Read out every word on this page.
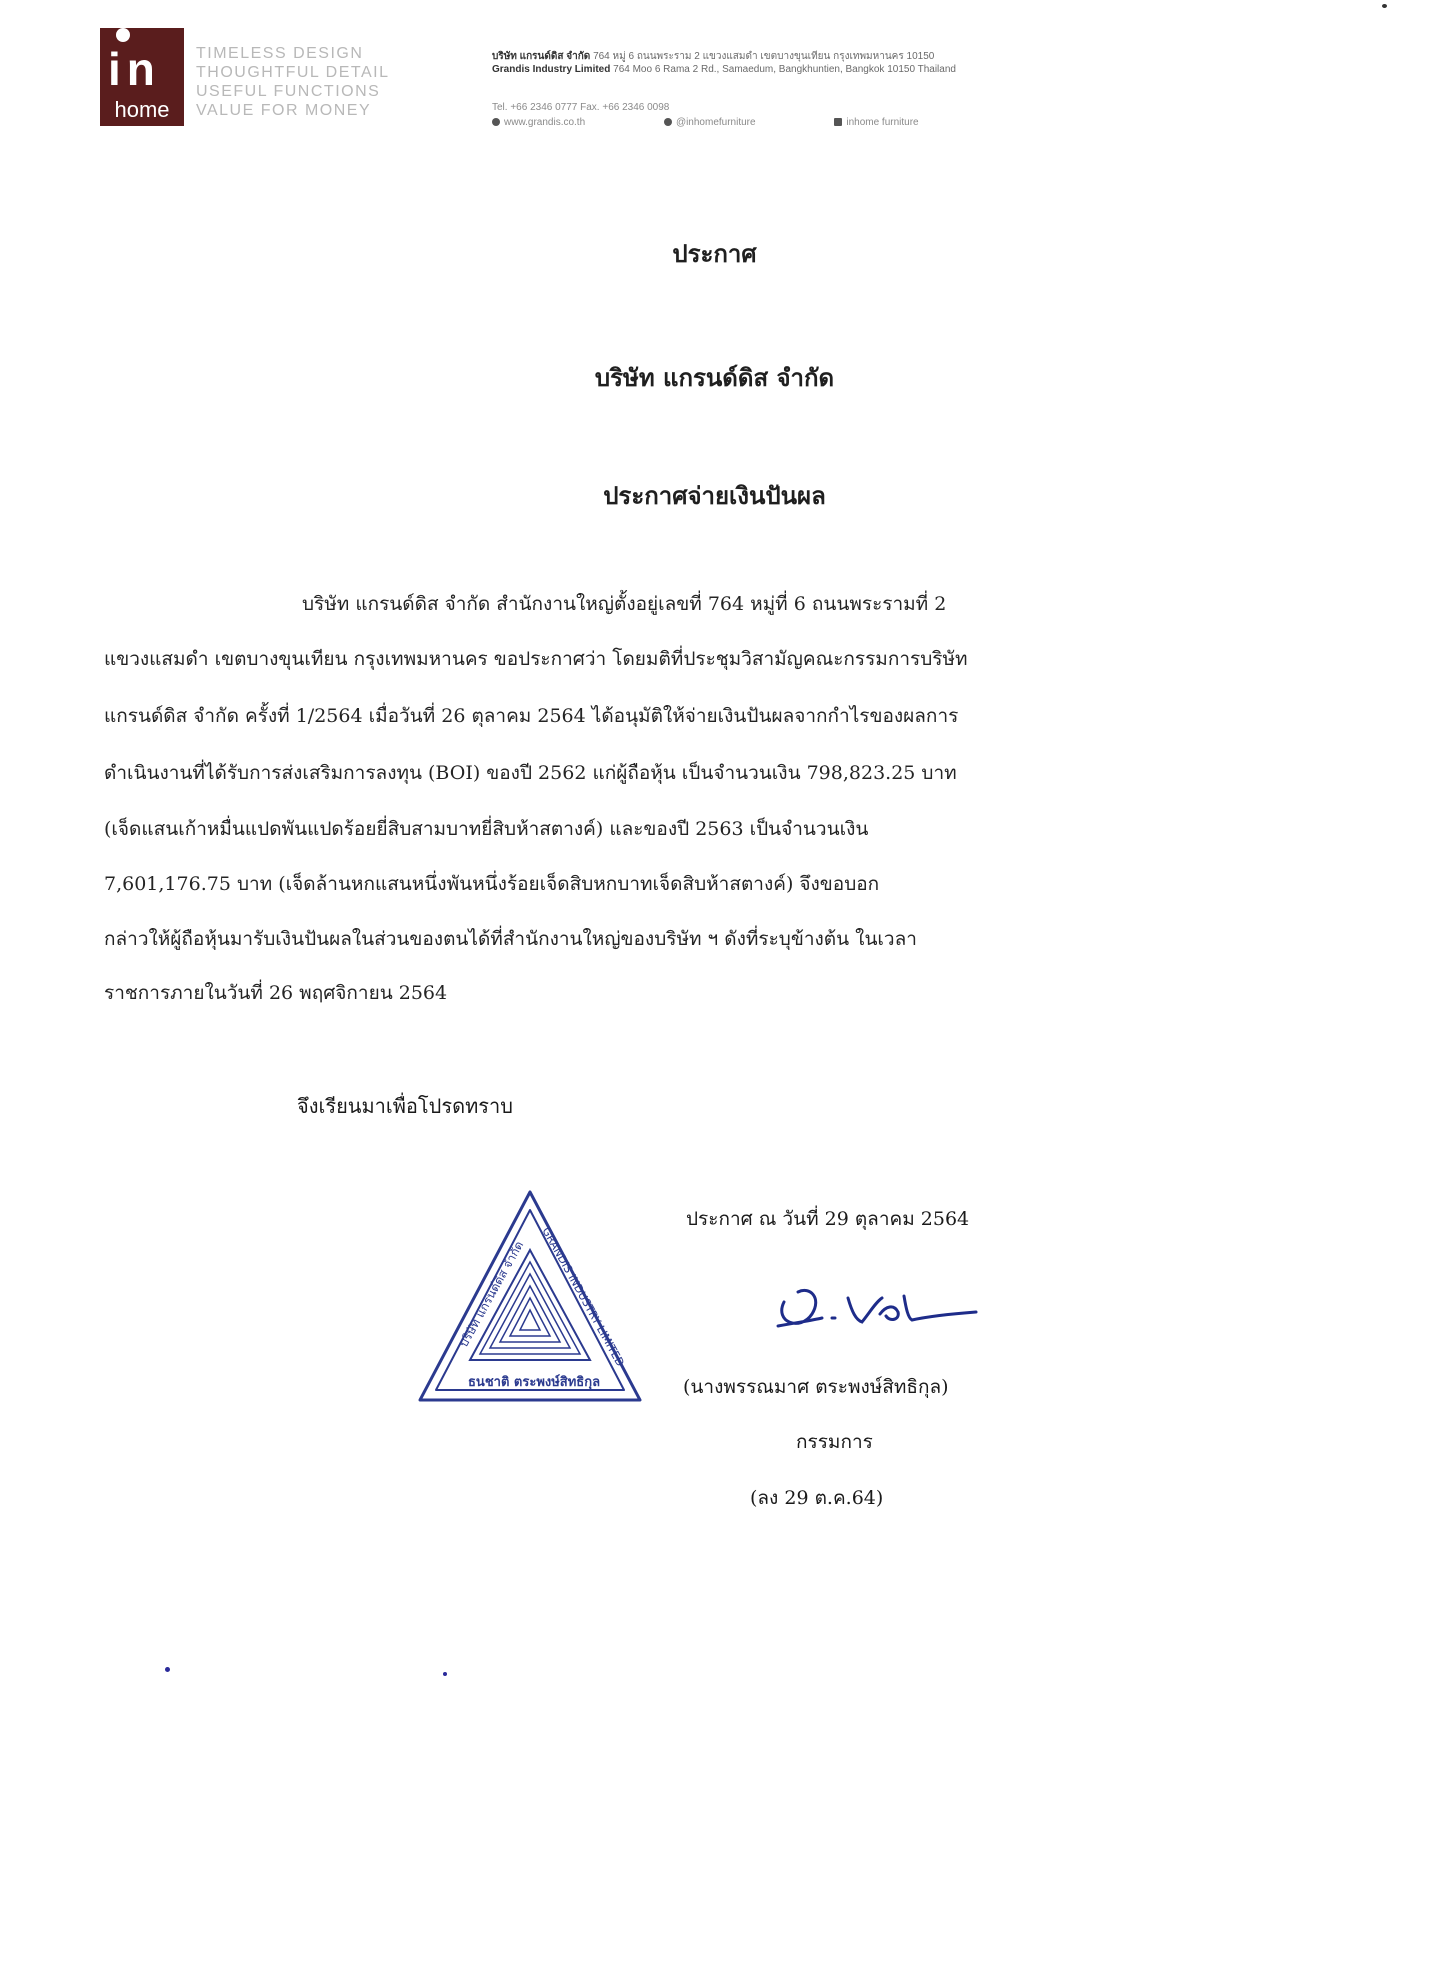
in
home
TIMELESS DESIGN
THOUGHTFUL DETAIL
USEFUL FUNCTIONS
VALUE FOR MONEY
บริษัท แกรนด์ดิส จำกัด 764 หมู่ 6 ถนนพระราม 2 แขวงแสมดำ เขตบางขุนเทียน กรุงเทพมหานคร 10150
Grandis Industry Limited 764 Moo 6 Rama 2 Rd., Samaedum, Bangkhuntien, Bangkok 10150 Thailand
Tel. +66 2346 0777 Fax. +66 2346 0098
www.grandis.co.th	@inhomefurniture	inhome furniture
ประกาศ
บริษัท แกรนด์ดิส จำกัด
ประกาศจ่ายเงินปันผล
บริษัท แกรนด์ดิส จำกัด สำนักงานใหญ่ตั้งอยู่เลขที่ 764 หมู่ที่ 6 ถนนพระรามที่ 2
แขวงแสมดำ เขตบางขุนเทียน กรุงเทพมหานคร ขอประกาศว่า โดยมติที่ประชุมวิสามัญคณะกรรมการบริษัท
แกรนด์ดิส จำกัด ครั้งที่ 1/2564 เมื่อวันที่ 26 ตุลาคม 2564 ได้อนุมัติให้จ่ายเงินปันผลจากกำไรของผลการ
ดำเนินงานที่ได้รับการส่งเสริมการลงทุน (BOI) ของปี 2562 แก่ผู้ถือหุ้น เป็นจำนวนเงิน 798,823.25 บาท
(เจ็ดแสนเก้าหมื่นแปดพันแปดร้อยยี่สิบสามบาทยี่สิบห้าสตางค์) และของปี 2563 เป็นจำนวนเงิน
7,601,176.75 บาท (เจ็ดล้านหกแสนหนึ่งพันหนึ่งร้อยเจ็ดสิบหกบาทเจ็ดสิบห้าสตางค์) จึงขอบอก
กล่าวให้ผู้ถือหุ้นมารับเงินปันผลในส่วนของตนได้ที่สำนักงานใหญ่ของบริษัท ฯ ดังที่ระบุข้างต้น ในเวลา
ราชการภายในวันที่ 26 พฤศจิกายน 2564
จึงเรียนมาเพื่อโปรดทราบ
บริษัท แกรนด์ดิส จำกัด GRANDIS INDUSTRY LIMITED
ธนชาติ ตระพงษ์สิทธิกุล
ประกาศ ณ วันที่ 29 ตุลาคม 2564
(นางพรรณมาศ ตระพงษ์สิทธิกุล)
กรรมการ
(ลง 29 ต.ค.64)
